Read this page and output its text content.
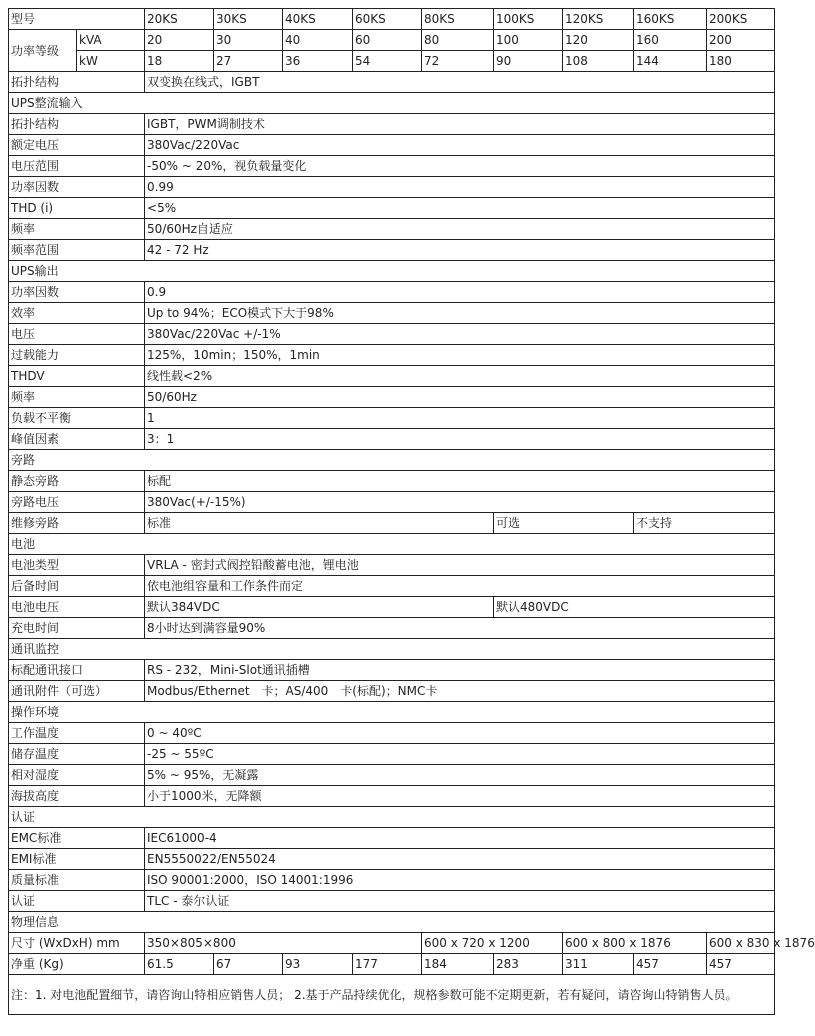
型号		20KS	30KS	40KS	60KS	80KS	100KS	120KS	160KS	200KS
功率等级	kVA	20	30	40	60	80	100	120	160	200
	kW	18	27	36	54	72	90	108	144	180
拓扑结构		双变换在线式，IGBT								
UPS整流输入										
拓扑结构		IGBT，PWM调制技术								
额定电压		380Vac/220Vac								
电压范围		-50% ~ 20%，视负载量变化								
功率因数		0.99								
THD (i)		<5%								
频率		50/60Hz自适应								
频率范围		42 - 72 Hz								
UPS输出										
功率因数		0.9								
效率		Up to 94%；ECO模式下大于98%								
电压		380Vac/220Vac +/-1%								
过载能力		125%，10min；150%，1min								
THDV		线性载<2%								
频率		50/60Hz								
负载不平衡		1								
峰值因素		3：1								
旁路										
静态旁路		标配								
旁路电压		380Vac(+/-15%)								
维修旁路		标准					可选		不支持	
电池										
电池类型		VRLA - 密封式阀控铅酸蓄电池，锂电池								
后备时间		依电池组容量和工作条件而定								
电池电压		默认384VDC					默认480VDC			
充电时间		8小时达到满容量90%								
通讯监控										
标配通讯接口		RS - 232，Mini-Slot通讯插槽								
通讯附件（可选）		Modbus/Ethernet　卡；AS/400　卡(标配)；NMC卡								
操作环境										
工作温度		0 ~ 40ºC								
储存温度		-25 ~ 55ºC								
相对湿度		5% ~ 95%，无凝露								
海拔高度		小于1000米，无降额								
认证										
EMC标准		IEC61000-4								
EMI标准		EN5550022/EN55024								
质量标准		ISO 90001:2000，ISO 14001:1996								
认证		TLC - 泰尔认证								
物理信息										
尺寸 (WxDxH) mm		350×805×800				600 x 720 x 1200		600 x 800 x 1876		600 x 830 x 1876
净重 (Kg)		61.5	67	93	177	184	283	311	457	457
注：1. 对电池配置细节，请咨询山特相应销售人员； 2.基于产品持续优化，规格参数可能不定期更新，若有疑问，请咨询山特销售人员。										
